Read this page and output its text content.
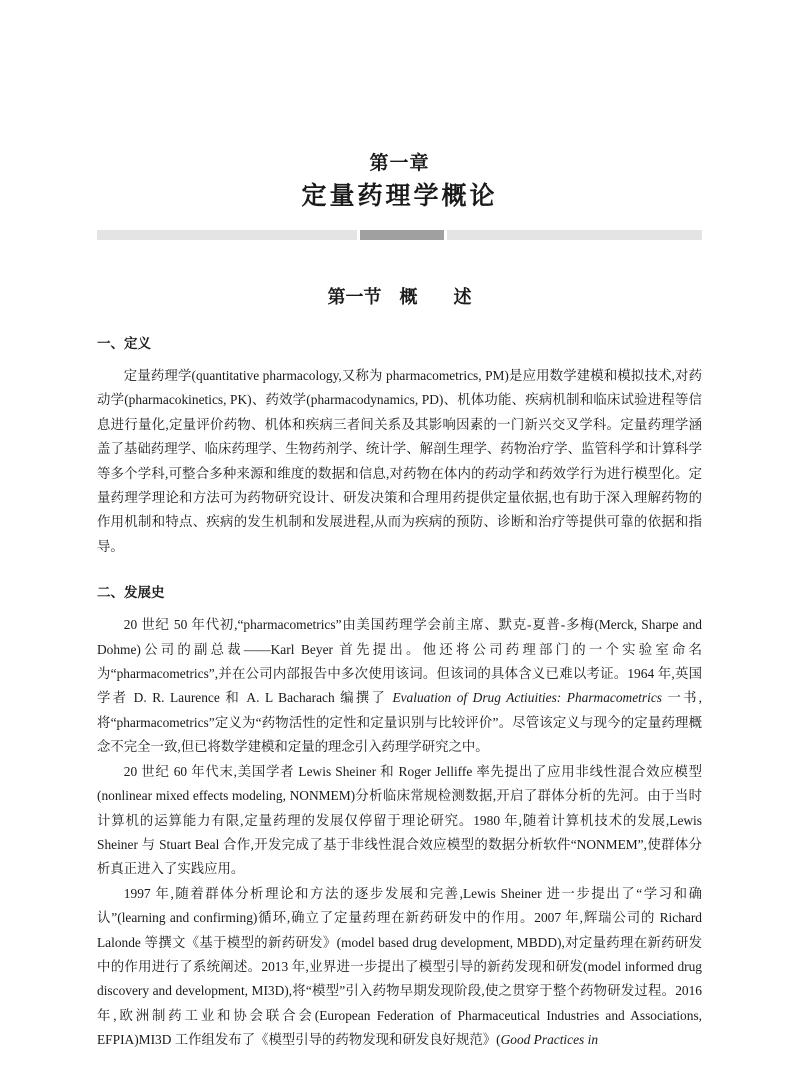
第一章
定量药理学概论
第一节　概　　述
一、定义

定量药理学(quantitative pharmacology,又称为 pharmacometrics, PM)是应用数学建模和模拟技术,对药动学(pharmacokinetics, PK)、药效学(pharmacodynamics, PD)、机体功能、疾病机制和临床试验进程等信息进行量化,定量评价药物、机体和疾病三者间关系及其影响因素的一门新兴交叉学科。定量药理学涵盖了基础药理学、临床药理学、生物药剂学、统计学、解剖生理学、药物治疗学、监管科学和计算科学等多个学科,可整合多种来源和维度的数据和信息,对药物在体内的药动学和药效学行为进行模型化。定量药理学理论和方法可为药物研究设计、研发决策和合理用药提供定量依据,也有助于深入理解药物的作用机制和特点、疾病的发生机制和发展进程,从而为疾病的预防、诊断和治疗等提供可靠的依据和指导。

二、发展史

20 世纪 50 年代初,“pharmacometrics”由美国药理学会前主席、默克-夏普-多梅(Merck, Sharpe and Dohme)公司的副总裁——Karl Beyer 首先提出。他还将公司药理部门的一个实验室命名为“pharmacometrics”,并在公司内部报告中多次使用该词。但该词的具体含义已难以考证。1964 年,英国学者 D. R. Laurence 和 A. L Bacharach 编撰了 Evaluation of Drug Actiuities: Pharmacometrics 一书,将“pharmacometrics”定义为“药物活性的定性和定量识别与比较评价”。尽管该定义与现今的定量药理概念不完全一致,但已将数学建模和定量的理念引入药理学研究之中。

20 世纪 60 年代末,美国学者 Lewis Sheiner 和 Roger Jelliffe 率先提出了应用非线性混合效应模型(nonlinear mixed effects modeling, NONMEM)分析临床常规检测数据,开启了群体分析的先河。由于当时计算机的运算能力有限,定量药理的发展仅停留于理论研究。1980 年,随着计算机技术的发展,Lewis Sheiner 与 Stuart Beal 合作,开发完成了基于非线性混合效应模型的数据分析软件“NONMEM”,使群体分析真正进入了实践应用。

1997 年,随着群体分析理论和方法的逐步发展和完善,Lewis Sheiner 进一步提出了“学习和确认”(learning and confirming)循环,确立了定量药理在新药研发中的作用。2007 年,辉瑞公司的 Richard Lalonde 等撰文《基于模型的新药研发》(model based drug development, MBDD),对定量药理在新药研发中的作用进行了系统阐述。2013 年,业界进一步提出了模型引导的新药发现和研发(model informed drug discovery and development, MI3D),将“模型”引入药物早期发现阶段,使之贯穿于整个药物研发过程。2016 年,欧洲制药工业和协会联合会(European Federation of Pharmaceutical Industries and Associations, EFPIA)MI3D 工作组发布了《模型引导的药物发现和研发良好规范》(Good Practices in
